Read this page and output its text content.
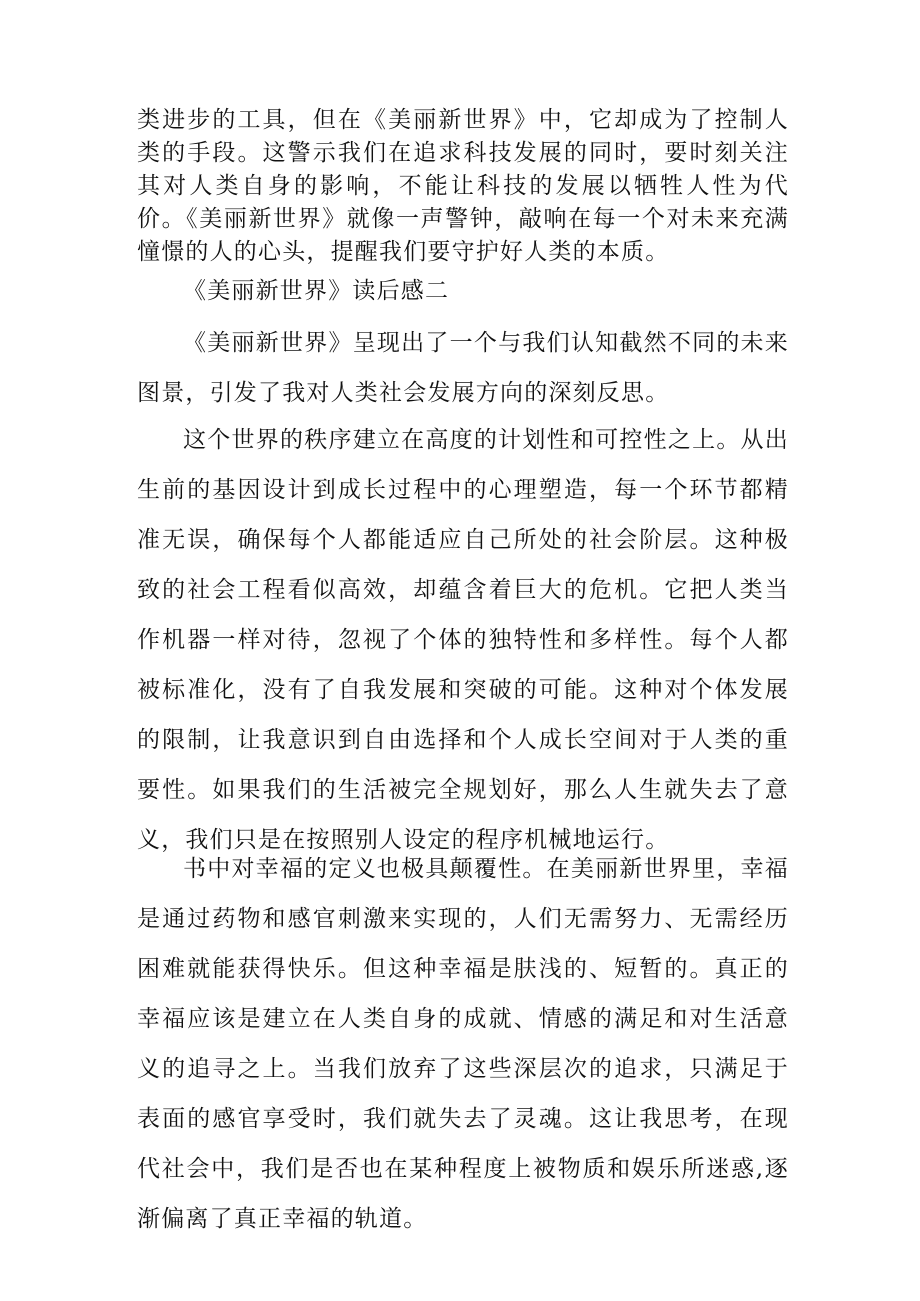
类进步的工具，但在《美丽新世界》中，它却成为了控制人类的手段。这警示我们在追求科技发展的同时，要时刻关注其对人类自身的影响，不能让科技的发展以牺牲人性为代价。《美丽新世界》就像一声警钟，敲响在每一个对未来充满憧憬的人的心头，提醒我们要守护好人类的本质。

《美丽新世界》读后感二

《美丽新世界》呈现出了一个与我们认知截然不同的未来图景，引发了我对人类社会发展方向的深刻反思。

这个世界的秩序建立在高度的计划性和可控性之上。从出生前的基因设计到成长过程中的心理塑造，每一个环节都精准无误，确保每个人都能适应自己所处的社会阶层。这种极致的社会工程看似高效，却蕴含着巨大的危机。它把人类当作机器一样对待，忽视了个体的独特性和多样性。每个人都被标准化，没有了自我发展和突破的可能。这种对个体发展的限制，让我意识到自由选择和个人成长空间对于人类的重要性。如果我们的生活被完全规划好，那么人生就失去了意义，我们只是在按照别人设定的程序机械地运行。

书中对幸福的定义也极具颠覆性。在美丽新世界里，幸福是通过药物和感官刺激来实现的，人们无需努力、无需经历困难就能获得快乐。但这种幸福是肤浅的、短暂的。真正的幸福应该是建立在人类自身的成就、情感的满足和对生活意义的追寻之上。当我们放弃了这些深层次的追求，只满足于表面的感官享受时，我们就失去了灵魂。这让我思考，在现代社会中，我们是否也在某种程度上被物质和娱乐所迷惑,逐渐偏离了真正幸福的轨道。
